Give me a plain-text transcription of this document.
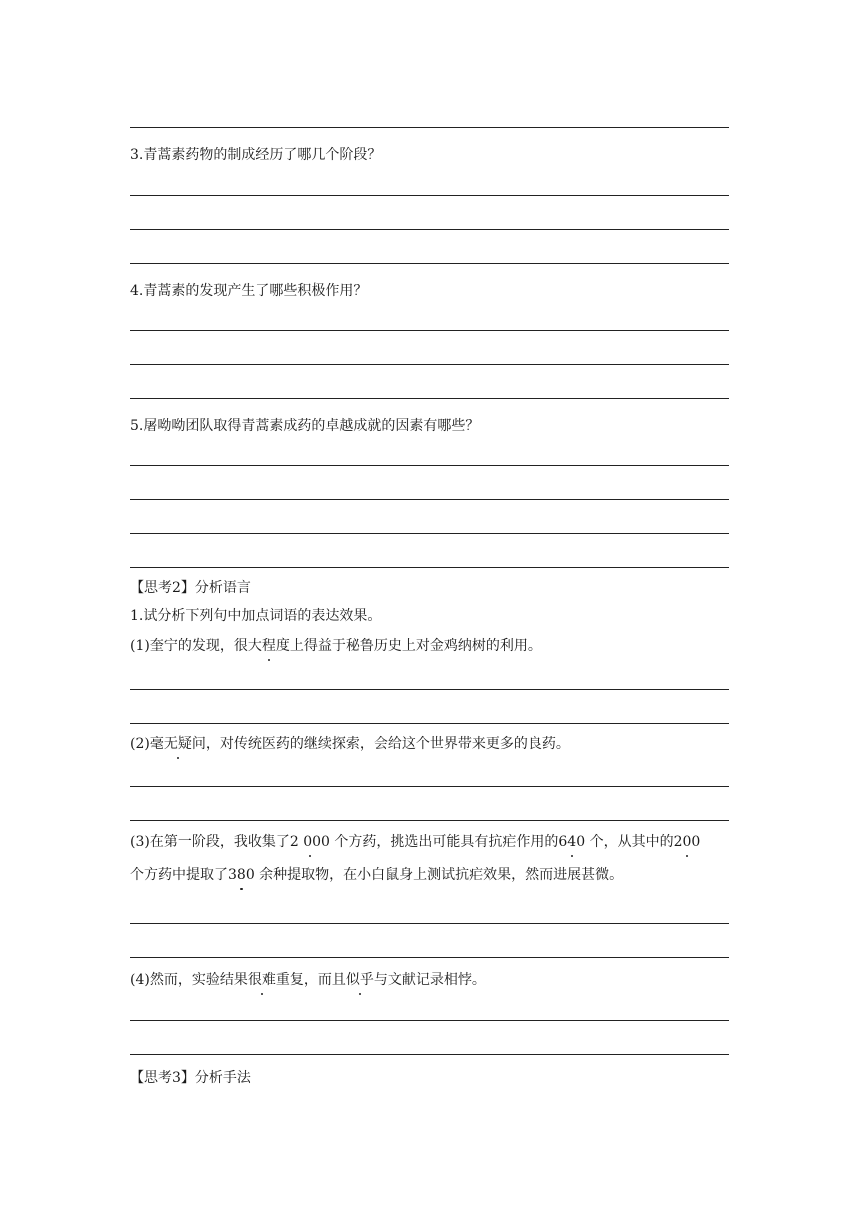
3.青蒿素药物的制成经历了哪几个阶段？
4.青蒿素的发现产生了哪些积极作用？
5.屠呦呦团队取得青蒿素成药的卓越成就的因素有哪些？
【思考2】分析语言
1.试分析下列句中加点词语的表达效果。
(1)奎宁的发现，很大程度上得益于秘鲁历史上对金鸡纳树的利用。
(2)毫无疑问，对传统医药的继续探索，会给这个世界带来更多的良药。
(3)在第一阶段，我收集了2 000 个方药，挑选出可能具有抗疟作用的640 个，从其中的200
个方药中提取了380 余种提取物，在小白鼠身上测试抗疟效果，然而进展甚微。
(4)然而，实验结果很难重复，而且似乎与文献记录相悖。
【思考3】分析手法
